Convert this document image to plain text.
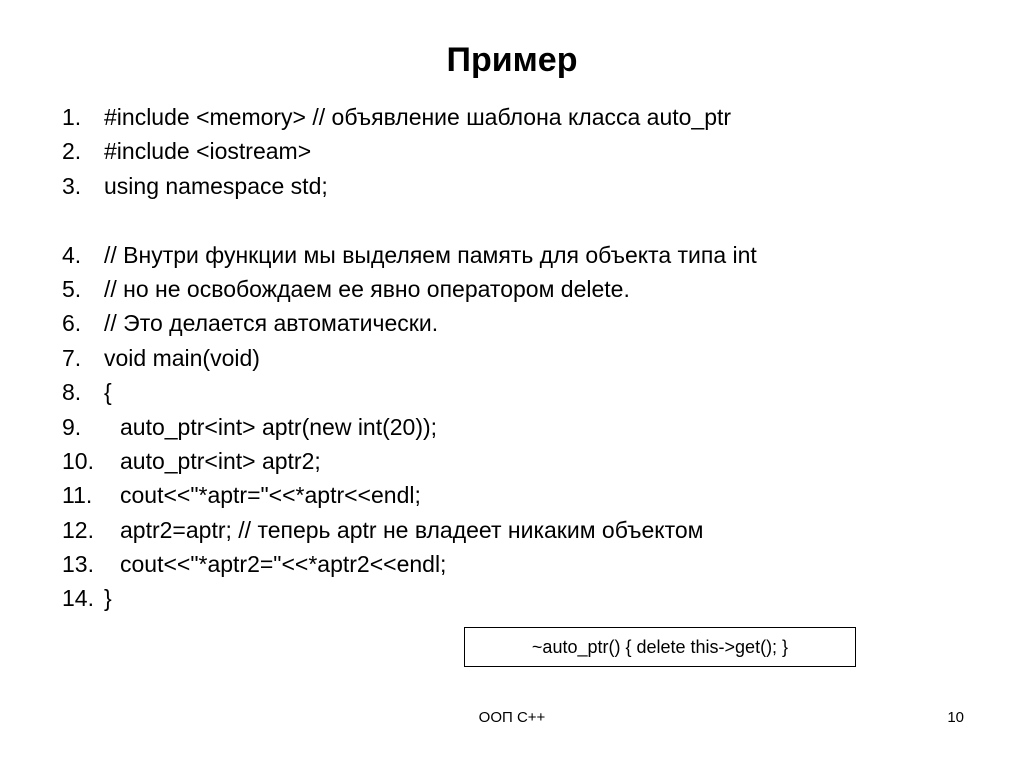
Пример
1. #include <memory> // объявление шаблона класса auto_ptr
2. #include <iostream>
3. using namespace std;
4. // Внутри функции мы выделяем память для объекта типа int
5. // но не освобождаем ее явно оператором delete.
6. // Это делается автоматически.
7. void main(void)
8. {
9.	auto_ptr<int> aptr(new int(20));
10.	auto_ptr<int> aptr2;
11.	cout<<"*aptr="<<*aptr<<endl;
12.	aptr2=aptr; // теперь aptr не владеет никаким объектом
13.	cout<<"*aptr2="<<*aptr2<<endl;
14. }
~auto_ptr() { delete this->get(); }
ООП C++	10
